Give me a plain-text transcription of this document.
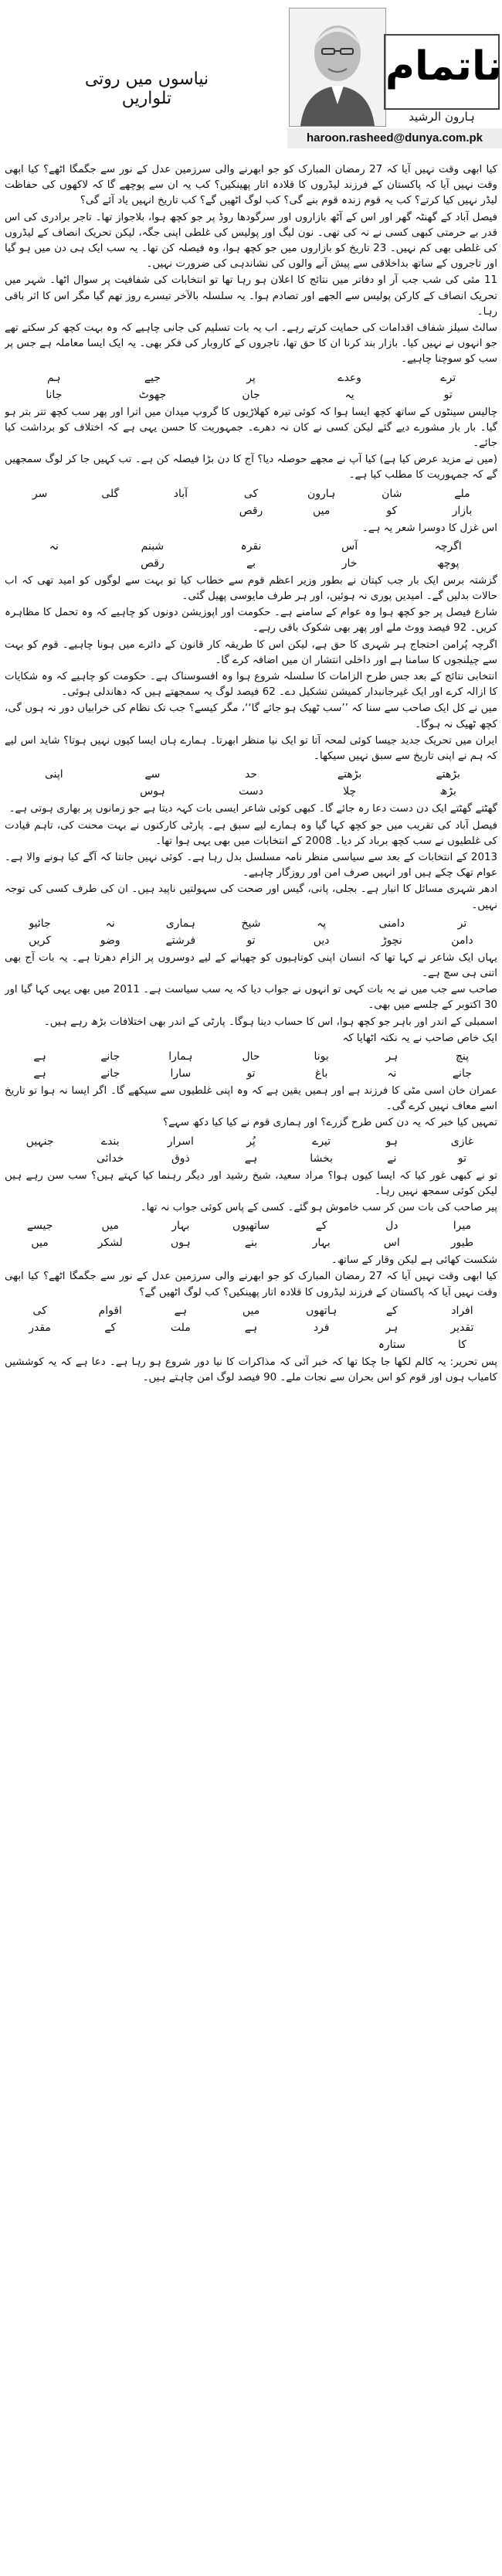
نیاسوں میں روتی تلواریں
ناتمام
ہارون الرشید
haroon.rasheed@dunya.com.pk

کیا ابھی وقت نہیں آیا کہ 27 رمضان المبارک کو جو ابھرنے والی سرزمین عدل کے نور سے جگمگا اٹھے؟ کیا ابھی وقت نہیں آیا کہ پاکستان کے فرزند لیڈروں کا قلادہ اتار پھینکیں؟ کب یہ ان سے پوچھے گا کہ لاکھوں کی حفاظت لیڈر نہیں کیا کرتے؟ کب یہ قوم زندہ قوم بنے گی؟ کب لوگ اٹھیں گے؟ کب تاریخ انہیں یاد آئے گی؟

فیصل آباد کے گھنٹہ گھر اور اس کے آٹھ بازاروں اور سرگودھا روڈ پر جو کچھ ہوا، بلاجواز تھا۔ تاجر برادری کی اس قدر بے حرمتی کبھی کسی نے نہ کی تھی۔ نون لیگ اور پولیس کی غلطی اپنی جگہ، لیکن تحریک انصاف کے لیڈروں کی غلطی بھی کم نہیں۔ 23 تاریخ کو بازاروں میں جو کچھ ہوا، وہ فیصلہ کن تھا۔ یہ سب ایک ہی دن میں ہو گیا اور تاجروں کے ساتھ بداخلاقی سے پیش آنے والوں کی نشاندہی کی ضرورت نہیں۔

11 مئی کی شب جب آر او دفاتر میں نتائج کا اعلان ہو رہا تھا تو انتخابات کی شفافیت پر سوال اٹھا۔ شہر میں تحریک انصاف کے کارکن پولیس سے الجھے اور تصادم ہوا۔ یہ سلسلہ بالآخر تیسرے روز تھم گیا مگر اس کا اثر باقی رہا۔

سالٹ سیلز شفاف اقدامات کی حمایت کرتے رہے۔ اب یہ بات تسلیم کی جانی چاہیے کہ وہ بہت کچھ کر سکتے تھے جو انہوں نے نہیں کیا۔ بازار بند کرنا ان کا حق تھا، تاجروں کے کاروبار کی فکر بھی۔ یہ ایک ایسا معاملہ ہے جس پر سب کو سوچنا چاہیے۔

ترے
وعدے
پر
جیے
ہم
تو
یہ
جان
جھوٹ
جانا

چالیس سینٹوں کے ساتھ کچھ ایسا ہوا کہ کوئی تیرہ کھلاڑیوں کا گروپ میدان میں اترا اور پھر سب کچھ تتر بتر ہو گیا۔ بار بار مشورے دیے گئے لیکن کسی نے کان نہ دھرے۔ جمہوریت کا حسن یہی ہے کہ اختلاف کو برداشت کیا جائے۔

(میں نے مزید عرض کیا ہے) کیا آپ نے مجھے حوصلہ دیا؟ آج کا دن بڑا فیصلہ کن ہے۔ تب کہیں جا کر لوگ سمجھیں گے کہ جمہوریت کا مطلب کیا ہے۔

ملے
شان
ہارون
کی
آباد
گلی
سر
بازار
کو
میں
رقص

اس غزل کا دوسرا شعر یہ ہے۔

اگرچہ
آس
نقرہ
شبنم
نہ
پوچھ
خار
بے
رقص

گزشتہ برس ایک بار جب کپتان نے بطور وزیر اعظم قوم سے خطاب کیا تو بہت سے لوگوں کو امید تھی کہ اب حالات بدلیں گے۔ امیدیں پوری نہ ہوئیں، اور ہر طرف مایوسی پھیل گئی۔

شارع فیصل پر جو کچھ ہوا وہ عوام کے سامنے ہے۔ حکومت اور اپوزیشن دونوں کو چاہیے کہ وہ تحمل کا مظاہرہ کریں۔ 92 فیصد ووٹ ملے اور پھر بھی شکوک باقی رہے۔

اگرچہ پُرامن احتجاج ہر شہری کا حق ہے، لیکن اس کا طریقہ کار قانون کے دائرے میں ہونا چاہیے۔ قوم کو بہت سے چیلنجوں کا سامنا ہے اور داخلی انتشار ان میں اضافہ کرے گا۔

انتخابی نتائج کے بعد جس طرح الزامات کا سلسلہ شروع ہوا وہ افسوسناک ہے۔ حکومت کو چاہیے کہ وہ شکایات کا ازالہ کرے اور ایک غیرجانبدار کمیشن تشکیل دے۔ 62 فیصد لوگ یہ سمجھتے ہیں کہ دھاندلی ہوئی۔

میں نے کل ایک صاحب سے سنا کہ ’’سب ٹھیک ہو جائے گا‘‘، مگر کیسے؟ جب تک نظام کی خرابیاں دور نہ ہوں گی، کچھ ٹھیک نہ ہوگا۔

ایران میں تحریک جدید جیسا کوئی لمحہ آتا تو ایک نیا منظر ابھرتا۔ ہمارے ہاں ایسا کیوں نہیں ہوتا؟ شاید اس لیے کہ ہم نے اپنی تاریخ سے سبق نہیں سیکھا۔

بڑھتے
بڑھتے
حد
سے
اپنی
بڑھ
چلا
دست
ہوس

گھٹتے گھٹتے ایک دن دست دعا رہ جائے گا۔ کبھی کوئی شاعر ایسی بات کہہ دیتا ہے جو زمانوں پر بھاری ہوتی ہے۔

فیصل آباد کی تقریب میں جو کچھ کہا گیا وہ ہمارے لیے سبق ہے۔ پارٹی کارکنوں نے بہت محنت کی، تاہم قیادت کی غلطیوں نے سب کچھ برباد کر دیا۔ 2008 کے انتخابات میں بھی یہی ہوا تھا۔

2013 کے انتخابات کے بعد سے سیاسی منظر نامہ مسلسل بدل رہا ہے۔ کوئی نہیں جانتا کہ آگے کیا ہونے والا ہے۔ عوام تھک چکے ہیں اور انہیں صرف امن اور روزگار چاہیے۔

ادھر شہری مسائل کا انبار ہے۔ بجلی، پانی، گیس اور صحت کی سہولتیں ناپید ہیں۔ ان کی طرف کسی کی توجہ نہیں۔

تر
دامنی
پہ
شیخ
ہماری
نہ
جائیو
دامن
نچوڑ
دیں
تو
فرشتے
وضو
کریں

یہاں ایک شاعر نے کہا تھا کہ انسان اپنی کوتاہیوں کو چھپانے کے لیے دوسروں پر الزام دھرتا ہے۔ یہ بات آج بھی اتنی ہی سچ ہے۔

صاحب سے جب میں نے یہ بات کہی تو انہوں نے جواب دیا کہ یہ سب سیاست ہے۔ 2011 میں بھی یہی کہا گیا اور 30 اکتوبر کے جلسے میں بھی۔

اسمبلی کے اندر اور باہر جو کچھ ہوا، اس کا حساب دینا ہوگا۔ پارٹی کے اندر بھی اختلافات بڑھ رہے ہیں۔

ایک خاص صاحب نے یہ نکتہ اٹھایا کہ

پنچ
ہر
بونا
حال
ہمارا
جانے
ہے
جانے
نہ
باغ
تو
سارا
جانے
ہے

عمران خان اسی مٹی کا فرزند ہے اور ہمیں یقین ہے کہ وہ اپنی غلطیوں سے سیکھے گا۔ اگر ایسا نہ ہوا تو تاریخ اسے معاف نہیں کرے گی۔

تمہیں کیا خبر کہ یہ دن کس طرح گزرے؟ اور ہماری قوم نے کیا کیا دکھ سہے؟

غازی
ہو
تیرے
پُر
اسرار
بندے
جنہیں
تو
نے
بخشا
ہے
ذوق
خدائی

تو نے کبھی غور کیا کہ ایسا کیوں ہوا؟ مراد سعید، شیخ رشید اور دیگر رہنما کیا کہتے ہیں؟ سب سن رہے ہیں لیکن کوئی سمجھ نہیں رہا۔

پیر صاحب کی بات سن کر سب خاموش ہو گئے۔ کسی کے پاس کوئی جواب نہ تھا۔

میرا
دل
کے
ساتھیوں
بہار
میں
جیسے
طیور
اس
بہار
بنے
ہوں
لشکر
میں

شکست کھائی ہے لیکن وقار کے ساتھ۔

کیا ابھی وقت نہیں آیا کہ 27 رمضان المبارک کو جو ابھرنے والی سرزمین عدل کے نور سے جگمگا اٹھے؟ کیا ابھی وقت نہیں آیا کہ پاکستان کے فرزند لیڈروں کا قلادہ اتار پھینکیں؟ کب لوگ اٹھیں گے؟

افراد
کے
ہاتھوں
میں
ہے
اقوام
کی
تقدیر
ہر
فرد
ہے
ملت
کے
مقدر
کا
ستارہ

پس تحریر: یہ کالم لکھا جا چکا تھا کہ خبر آئی کہ مذاکرات کا نیا دور شروع ہو رہا ہے۔ دعا ہے کہ یہ کوششیں کامیاب ہوں اور قوم کو اس بحران سے نجات ملے۔ 90 فیصد لوگ امن چاہتے ہیں۔
